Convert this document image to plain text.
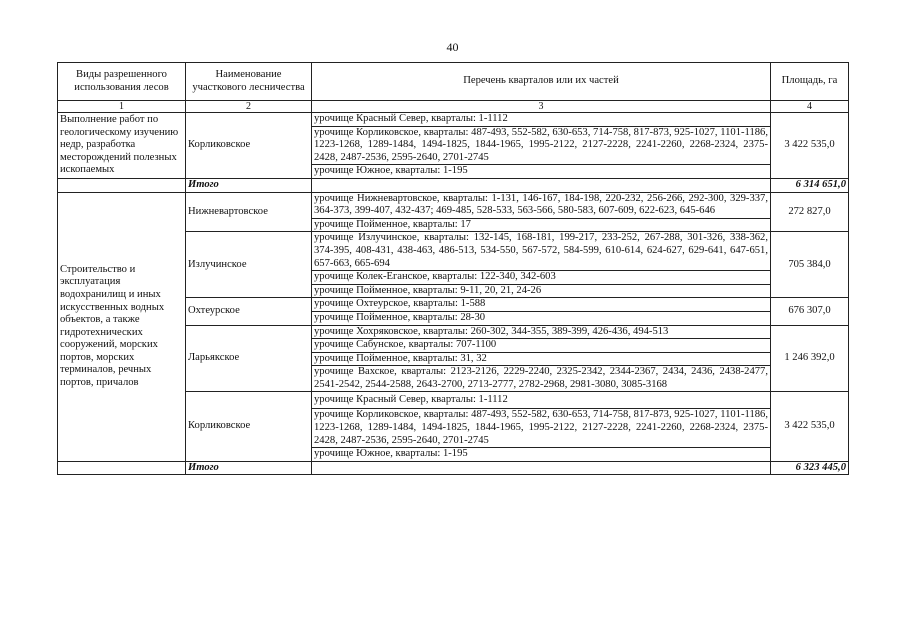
40
Виды разрешенного использования лесов	Наименование участкового лесничества	Перечень кварталов или их частей	Площадь, га
1	2	3	4
Выполнение работ по геологическому изучению недр, разработка месторождений полезных ископаемых	Корликовское	урочище Красный Север, кварталы: 1-1112	3 422 535,0
		урочище Корликовское, кварталы: 487-493, 552-582, 630-653, 714-758, 817-873, 925-1027, 1101-1186, 1223-1268, 1289-1484, 1494-1825, 1844-1965, 1995-2122, 2127-2228, 2241-2260, 2268-2324, 2375-2428, 2487-2536, 2595-2640, 2701-2745	
		урочище Южное, кварталы: 1-195	
	Итого		6 314 651,0
Строительство и эксплуатация водохранилищ и иных искусственных водных объектов, а также гидротехнических сооружений, морских портов, морских терминалов, речных портов, причалов	Нижневартовское	урочище Нижневартовское, кварталы: 1-131, 146-167, 184-198, 220-232, 256-266, 292-300, 329-337, 364-373, 399-407, 432-437; 469-485, 528-533, 563-566, 580-583, 607-609, 622-623, 645-646	272 827,0
		урочище Пойменное, кварталы: 17	
	Излучинское	урочище Излучинское, кварталы: 132-145, 168-181, 199-217, 233-252, 267-288, 301-326, 338-362, 374-395, 408-431, 438-463, 486-513, 534-550, 567-572, 584-599, 610-614, 624-627, 629-641, 647-651, 657-663, 665-694	705 384,0
		урочище Колек-Еганское, кварталы: 122-340, 342-603	
		урочище Пойменное, кварталы: 9-11, 20, 21, 24-26	
	Охтеурское	урочище Охтеурское, кварталы: 1-588	676 307,0
		урочище Пойменное, кварталы: 28-30	
	Ларьякское	урочище Хохряковское, кварталы: 260-302, 344-355, 389-399, 426-436, 494-513	1 246 392,0
		урочище Сабунское, кварталы: 707-1100	
		урочище Пойменное, кварталы: 31, 32	
		урочище Вахское, кварталы: 2123-2126, 2229-2240, 2325-2342, 2344-2367, 2434, 2436, 2438-2477, 2541-2542, 2544-2588, 2643-2700, 2713-2777, 2782-2968, 2981-3080, 3085-3168	
	Корликовское	урочище Красный Север, кварталы: 1-1112	3 422 535,0
		урочище Корликовское, кварталы: 487-493, 552-582, 630-653, 714-758, 817-873, 925-1027, 1101-1186, 1223-1268, 1289-1484, 1494-1825, 1844-1965, 1995-2122, 2127-2228, 2241-2260, 2268-2324, 2375-2428, 2487-2536, 2595-2640, 2701-2745	
		урочище Южное, кварталы: 1-195	
	Итого		6 323 445,0
